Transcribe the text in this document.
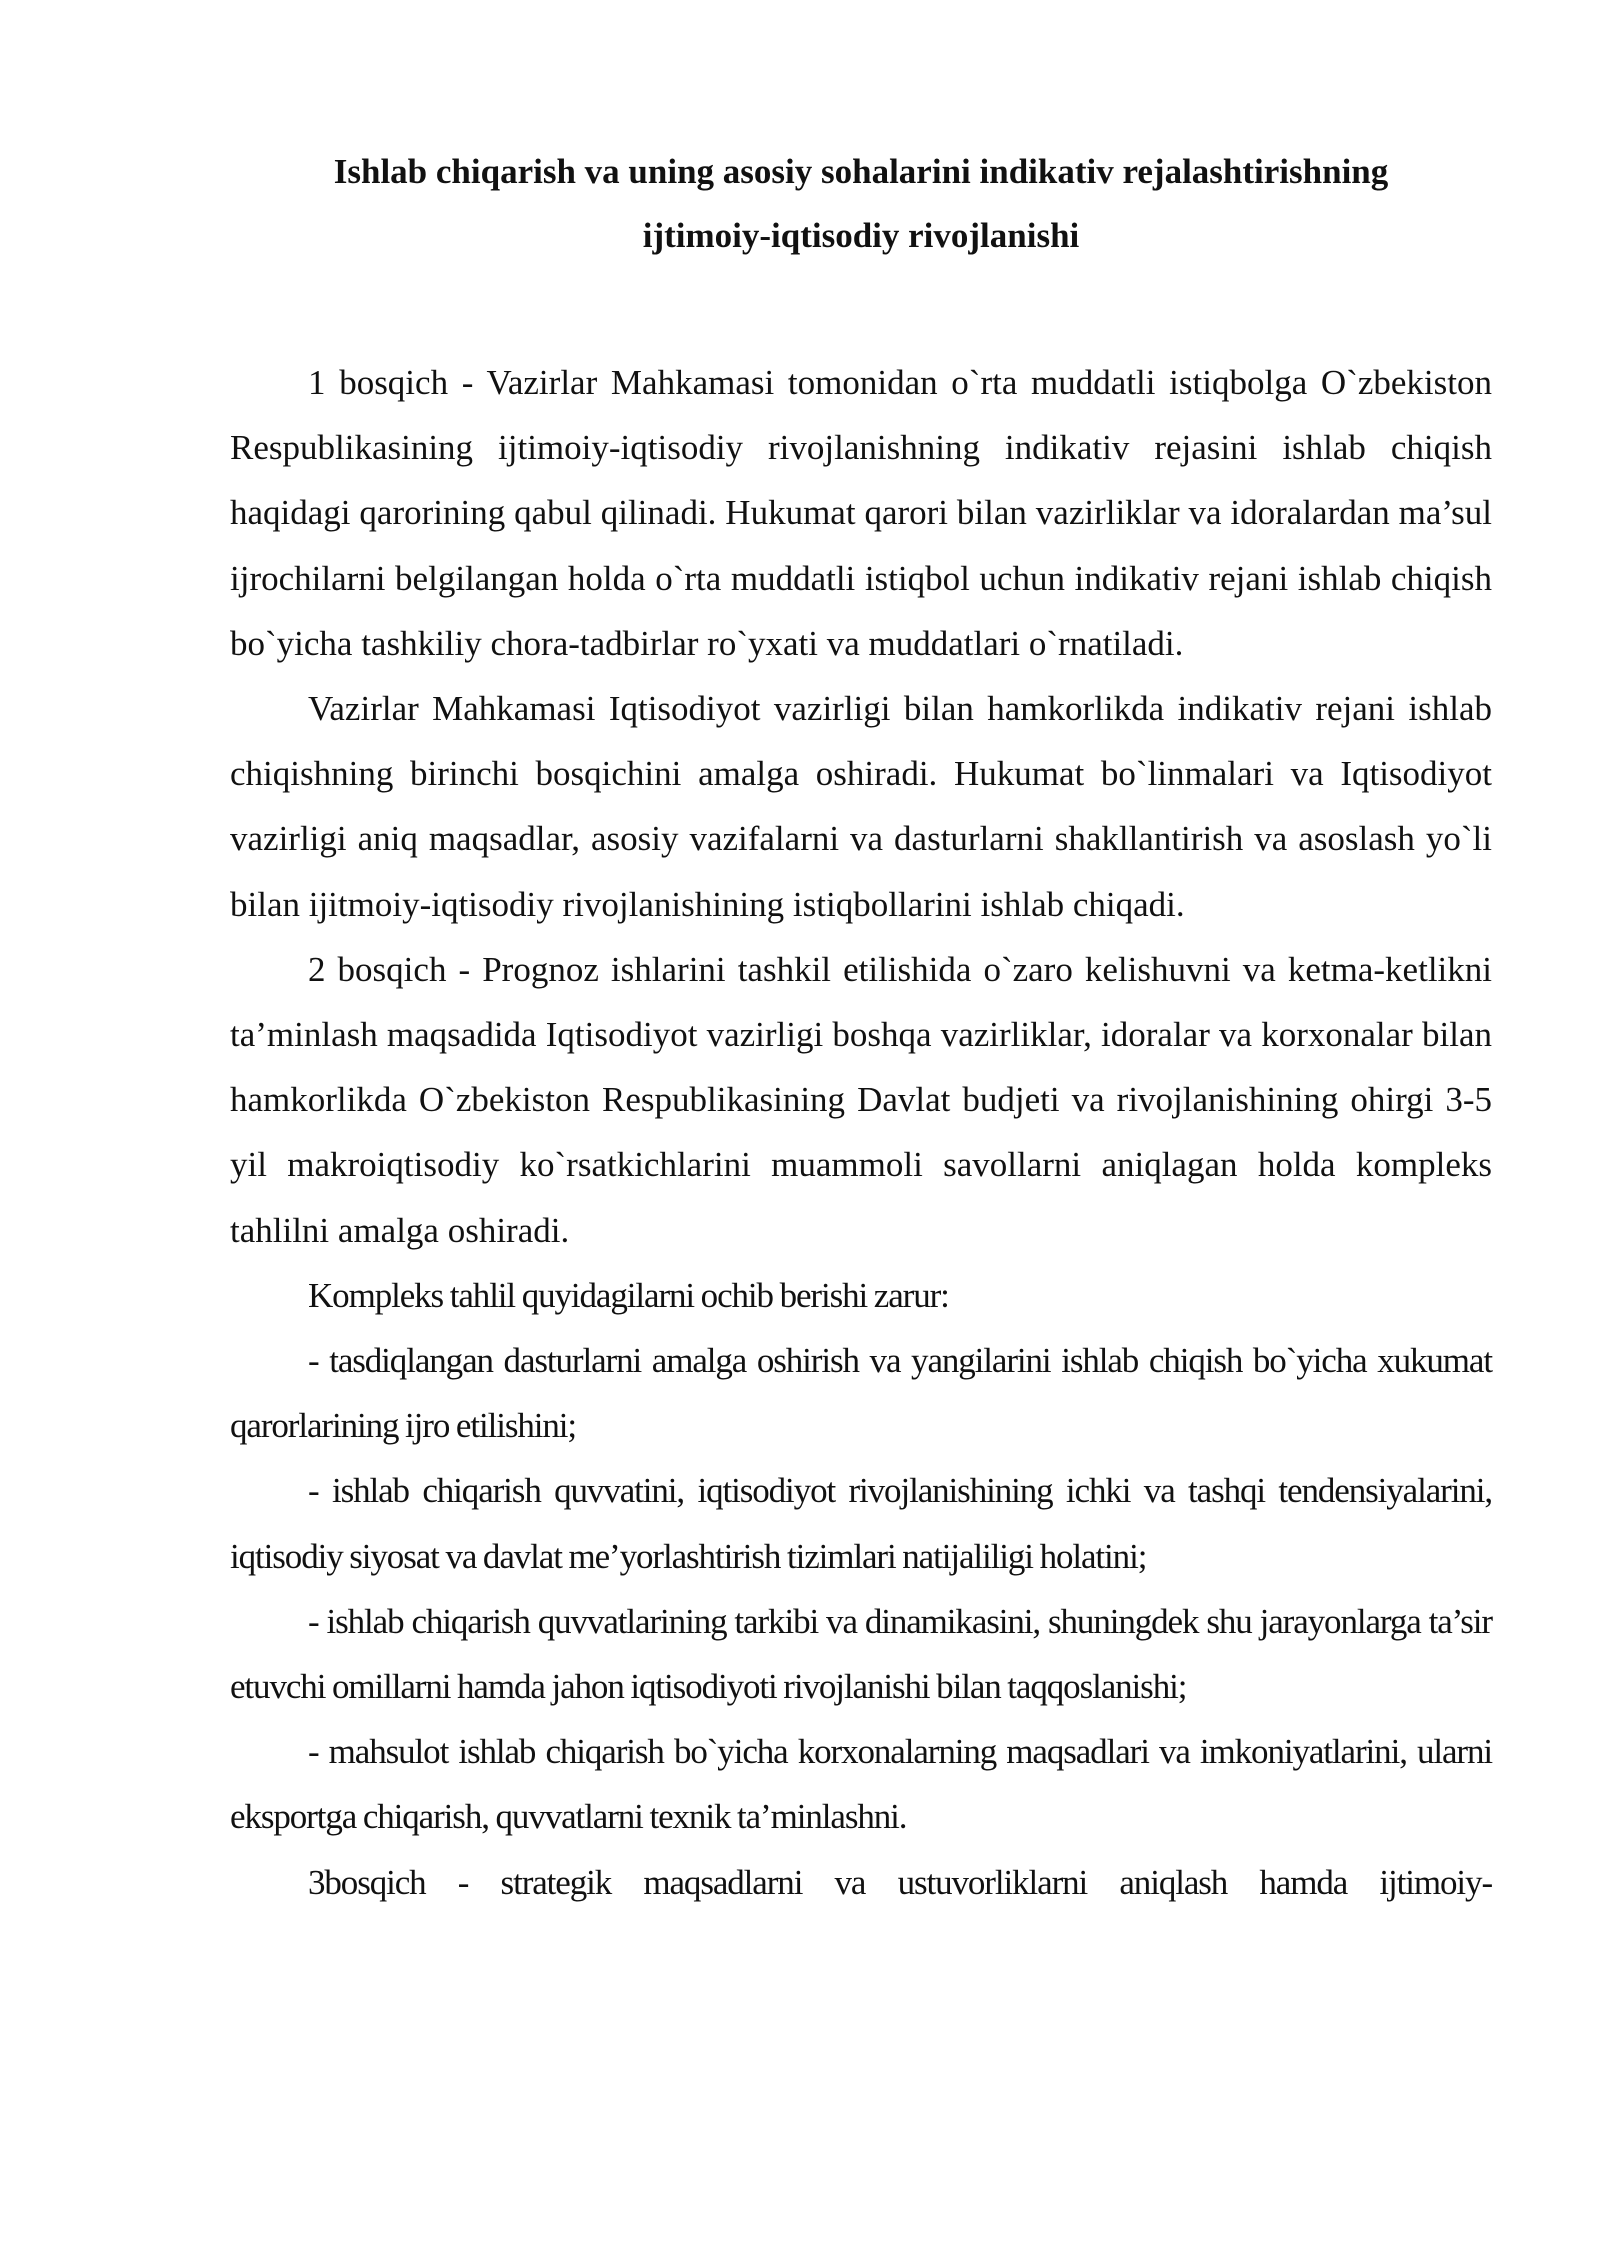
Ishlab chiqarish va uning asosiy sohalarini indikativ rejalashtirishning
ijtimoiy-iqtisodiy rivojlanishi

1 bosqich - Vazirlar Mahkamasi tomonidan o`rta muddatli istiqbolga O`zbekiston Respublikasining ijtimoiy-iqtisodiy rivojlanishning indikativ rejasini ishlab chiqish haqidagi qarorining qabul qilinadi. Hukumat qarori bilan vazirliklar va idoralardan ma’sul ijrochilarni belgilangan holda o`rta muddatli istiqbol uchun indikativ rejani ishlab chiqish bo`yicha tashkiliy chora-tadbirlar ro`yxati va muddatlari o`rnatiladi.

Vazirlar Mahkamasi Iqtisodiyot vazirligi bilan hamkorlikda indikativ rejani ishlab chiqishning birinchi bosqichini amalga oshiradi. Hukumat bo`linmalari va Iqtisodiyot vazirligi aniq maqsadlar, asosiy vazifalarni va dasturlarni shakllantirish va asoslash yo`li bilan ijitmoiy-iqtisodiy rivojlanishining istiqbollarini ishlab chiqadi.

2 bosqich - Prognoz ishlarini tashkil etilishida o`zaro kelishuvni va ketma-ketlikni ta’minlash maqsadida Iqtisodiyot vazirligi boshqa vazirliklar, idoralar va korxonalar bilan hamkorlikda O`zbekiston Respublikasining Davlat budjeti va rivojlanishining ohirgi 3-5 yil makroiqtisodiy ko`rsatkichlarini muammoli savollarni aniqlagan holda kompleks tahlilni amalga oshiradi.

Kompleks tahlil quyidagilarni ochib berishi zarur:

- tasdiqlangan dasturlarni amalga oshirish va yangilarini ishlab chiqish bo`yicha xukumat qarorlarining ijro etilishini;

- ishlab chiqarish quvvatini, iqtisodiyot rivojlanishining ichki va tashqi tendensiyalarini, iqtisodiy siyosat va davlat me’yorlashtirish tizimlari natijaliligi holatini;

- ishlab chiqarish quvvatlarining tarkibi va dinamikasini, shuningdek shu jarayonlarga ta’sir etuvchi omillarni hamda jahon iqtisodiyoti rivojlanishi bilan taqqoslanishi;

- mahsulot ishlab chiqarish bo`yicha korxonalarning maqsadlari va imkoniyatlarini, ularni eksportga chiqarish, quvvatlarni texnik ta’minlashni.

3bosqich - strategik maqsadlarni va ustuvorliklarni aniqlash hamda ijtimoiy-
